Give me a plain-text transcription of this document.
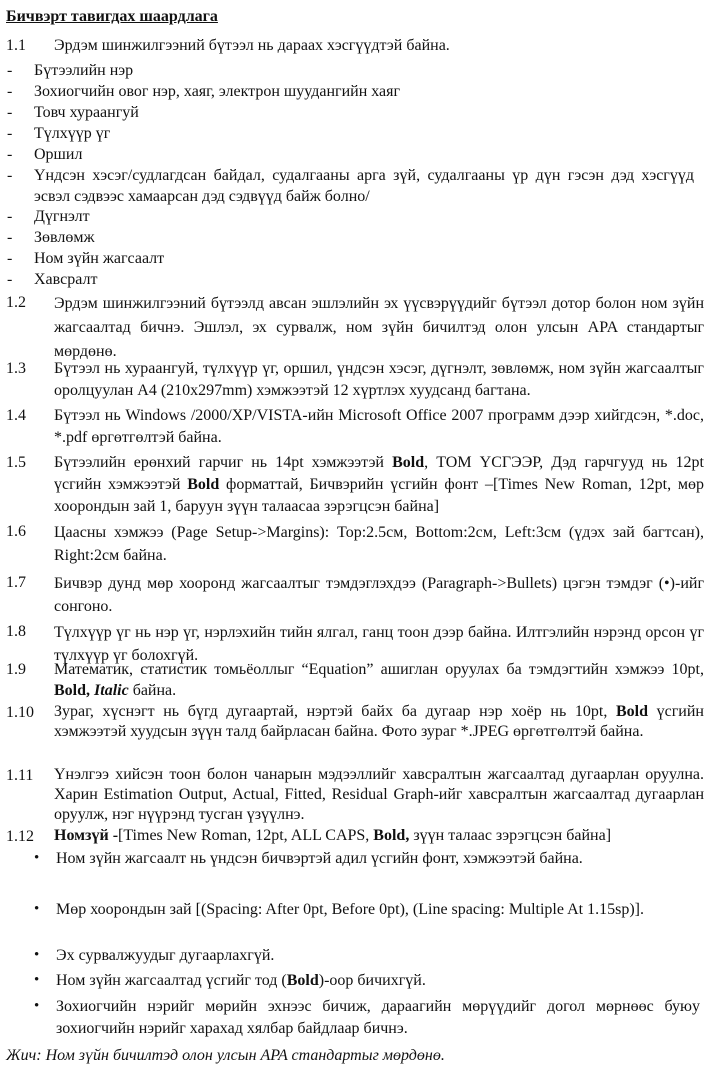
Бичвэрт тавигдах шаардлага
1.1 Эрдэм шинжилгээний бүтээл нь дараах хэсгүүдтэй байна.
- Бүтээлийн нэр
- Зохиогчийн овог нэр, хаяг, электрон шуудангийн хаяг
- Товч хураангуй
- Түлхүүр үг
- Оршил
- Үндсэн хэсэг/судлагдсан байдал, судалгааны арга зүй, судалгааны үр дүн гэсэн дэд хэсгүүд эсвэл сэдвээс хамаарсан дэд сэдвүүд байж болно/
- Дүгнэлт
- Зөвлөмж
- Ном зүйн жагсаалт
- Хавсралт
1.2 Эрдэм шинжилгээний бүтээлд авсан эшлэлийн эх үүсвэрүүдийг бүтээл дотор болон ном зүйн жагсаалтад бичнэ. Эшлэл, эх сурвалж, ном зүйн бичилтэд олон улсын APA стандартыг мөрдөнө.
1.3 Бүтээл нь хураангуй, түлхүүр үг, оршил, үндсэн хэсэг, дүгнэлт, зөвлөмж, ном зүйн жагсаалтыг оролцуулан А4 (210x297mm) хэмжээтэй 12 хүртлэх хуудсанд багтана.
1.4 Бүтээл нь Windows /2000/XP/VISTA-ийн Microsoft Office 2007 программ дээр хийгдсэн, *.doc, *.pdf өргөтгөлтэй байна.
1.5 Бүтээлийн ерөнхий гарчиг нь 14pt хэмжээтэй Bold, ТОМ ҮСГЭЭР, Дэд гарчгууд нь 12pt үсгийн хэмжээтэй Bold форматтай, Бичвэрийн үсгийн фонт –[Times New Roman, 12pt, мөр хоорондын зай 1, баруун зүүн талаасаа зэрэгцсэн байна]
1.6 Цаасны хэмжээ (Page Setup->Margins): Top:2.5см, Bottom:2см, Left:3см (үдэх зай багтсан), Right:2см байна.
1.7 Бичвэр дунд мөр хооронд жагсаалтыг тэмдэглэхдээ (Paragraph->Bullets) цэгэн тэмдэг (•)-ийг сонгоно.
1.8 Түлхүүр үг нь нэр үг, нэрлэхийн тийн ялгал, ганц тоон дээр байна. Илтгэлийн нэрэнд орсон үг түлхүүр үг болохгүй.
1.9 Математик, статистик томьёоллыг “Equation” ашиглан оруулах ба тэмдэгтийн хэмжээ 10pt, Bold, Italic байна.
1.10 Зураг, хүснэгт нь бүгд дугаартай, нэртэй байх ба дугаар нэр хоёр нь 10pt, Bold үсгийн хэмжээтэй хуудсын зүүн талд байрласан байна. Фото зураг *.JPEG өргөтгөлтэй байна.
1.11 Үнэлгээ хийсэн тоон болон чанарын мэдээллийг хавсралтын жагсаалтад дугаарлан оруулна. Харин Estimation Output, Actual, Fitted, Residual Graph-ийг хавсралтын жагсаалтад дугаарлан оруулж, нэг нүүрэнд тусган үзүүлнэ.
1.12 Номзүй -[Times New Roman, 12pt, ALL CAPS, Bold, зүүн талаас зэрэгцсэн байна]
• Ном зүйн жагсаалт нь үндсэн бичвэртэй адил үсгийн фонт, хэмжээтэй байна.
• Мөр хоорондын зай [(Spacing: After 0pt, Before 0pt), (Line spacing: Multiple At 1.15sp)].
• Эх сурвалжуудыг дугаарлахгүй.
• Ном зүйн жагсаалтад үсгийг тод (Bold)-оор бичихгүй.
• Зохиогчийн нэрийг мөрийн эхнээс бичиж, дараагийн мөрүүдийг догол мөрнөөс буюу зохиогчийн нэрийг харахад хялбар байдлаар бичнэ.
Жич: Ном зүйн бичилтэд олон улсын APA стандартыг мөрдөнө.
